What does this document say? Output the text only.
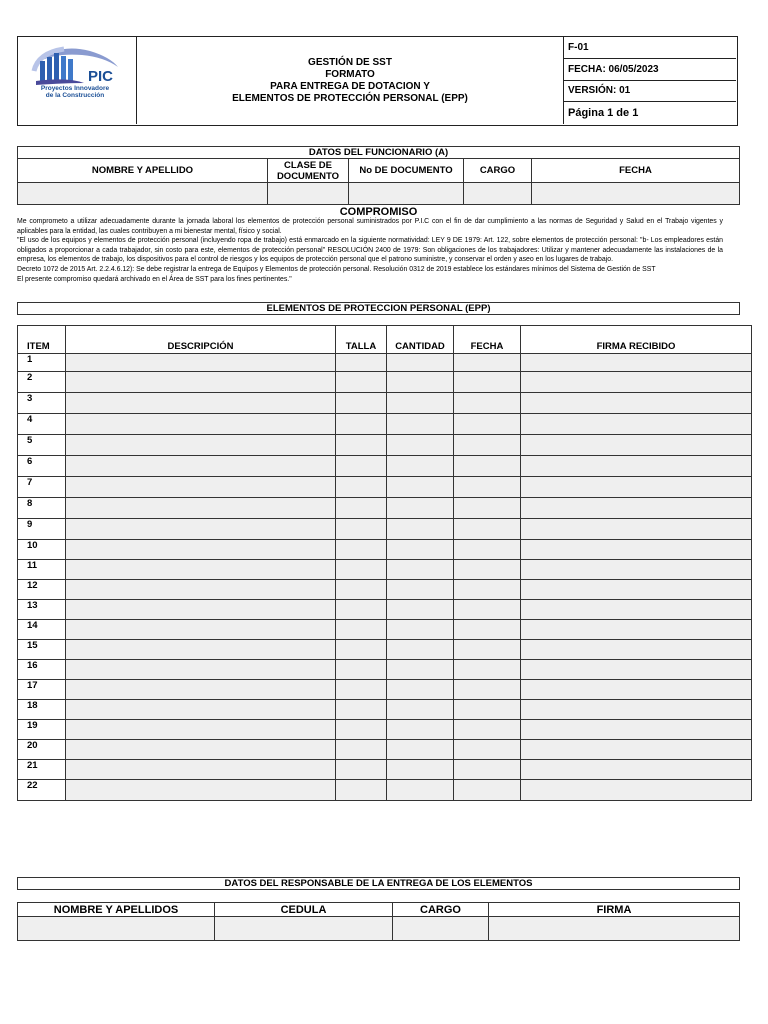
PIC
Proyectos Innovadore
de la Construcción
GESTIÓN DE SST
FORMATO
PARA ENTREGA DE DOTACION Y
ELEMENTOS DE PROTECCIÓN PERSONAL (EPP)
F-01
FECHA: 06/05/2023
VERSIÓN: 01
Página 1 de 1
DATOS DEL FUNCIONARIO (A)				
NOMBRE Y APELLIDO	CLASE DE DOCUMENTO	No DE DOCUMENTO	CARGO	FECHA

COMPROMISO

Me comprometo a utilizar adecuadamente durante la jornada laboral los elementos de protección personal suministrados por P.I.C con el fin de dar cumplimiento a las normas de Seguridad y Salud en el Trabajo vigentes y aplicables para la entidad, las cuales contribuyen a mi bienestar mental, físico y social.

"El uso de los equipos y elementos de protección personal (incluyendo ropa de trabajo) está enmarcado en la siguiente normatividad: LEY 9 DE 1979: Art. 122, sobre elementos de protección personal: "b- Los empleadores están obligados a proporcionar a cada trabajador, sin costo para este, elementos de protección personal" RESOLUCIÓN 2400 de 1979: Son obligaciones de los trabajadores: Utilizar y mantener adecuadamente las instalaciones de la empresa, los elementos de trabajo, los dispositivos para el control de riesgos y los equipos de protección personal que el patrono suministre, y conservar el orden y aseo en los lugares de trabajo.

Decreto 1072 de 2015 Art. 2.2.4.6.12): Se debe registrar la entrega de Equipos y Elementos de protección personal. Resolución 0312 de 2019 establece los estándares mínimos del Sistema de Gestión de SST

El presente compromiso quedará archivado en el Área de SST para los fines pertinentes."

ELEMENTOS DE PROTECCION PERSONAL (EPP)
ITEM	DESCRIPCIÓN	TALLA	CANTIDAD	FECHA	FIRMA RECIBIDO
1					
2					
3					
4					
5					
6					
7					
8					
9					
10					
11					
12					
13					
14					
15					
16					
17					
18					
19					
20					
21					
22					
DATOS DEL RESPONSABLE DE LA ENTREGA DE LOS ELEMENTOS
NOMBRE Y APELLIDOS	CEDULA	CARGO	FIRMA
